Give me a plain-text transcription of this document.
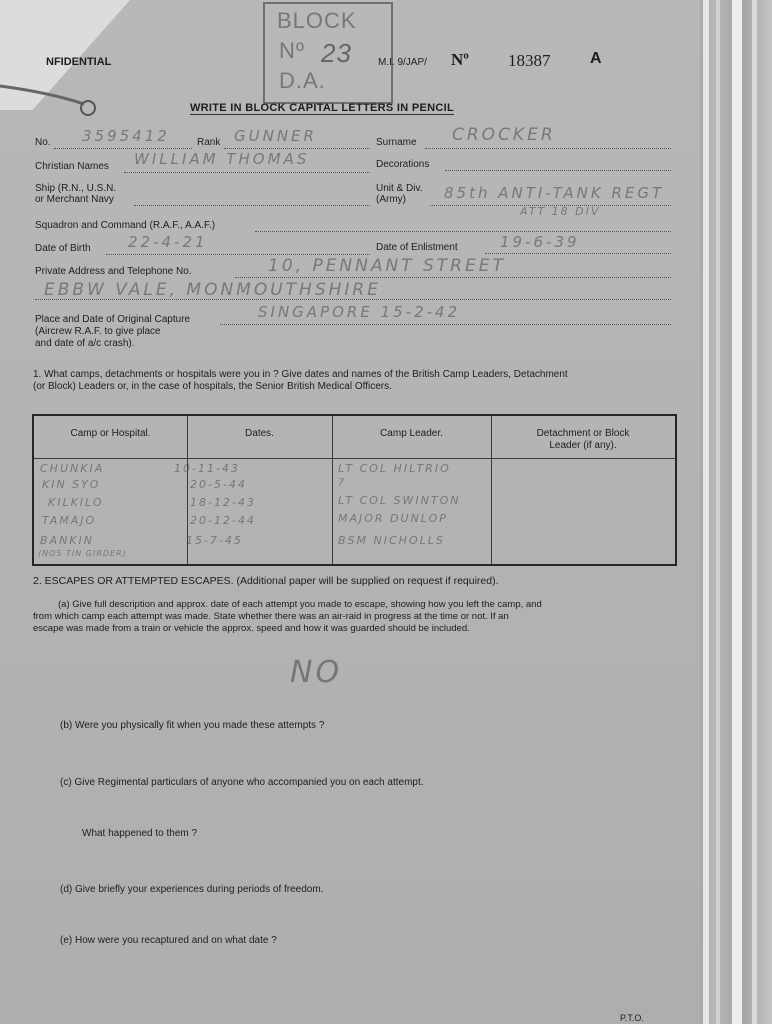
NFIDENTIAL
BLOCK
Nº 23
D.A.
M.I. 9/JAP/ Nº 18387 A
WRITE IN BLOCK CAPITAL LETTERS IN PENCIL
No. 3595412	Rank GUNNER	Surname CROCKER
Christian Names WILLIAM THOMAS	Decorations
Ship (R.N., U.S.N.
or Merchant Navy
Unit & Div.
(Army)	85th ANTI-TANK REGT
ATT 18 DIV
Squadron and Command (R.A.F., A.A.F.)
Date of Birth 22-4-21	Date of Enlistment	19-6-39
Private Address and Telephone No.	10, PENNANT STREET
EBBW VALE, MONMOUTHSHIRE
Place and Date of Original Capture
(Aircrew R.A.F. to give place
and date of a/c crash).
SINGAPORE 15-2-42
1. What camps, detachments or hospitals were you in ? Give dates and names of the British Camp Leaders, Detachment
(or Block) Leaders or, in the case of hospitals, the Senior British Medical Officers.
Camp or Hospital.	Dates.	Camp Leader.	Detachment or Block
Leader (if any).
CHUNKIA	10-11-43	LT COL HILTRIO
KIN SYO	20-5-44	?
KILKILO	18-12-43	LT COL SWINTON
TAMAJO	20-12-44	MAJOR DUNLOP
BANKIN	15-7-45	BSM NICHOLLS
(NOS TIN GIRDER)
2. ESCAPES OR ATTEMPTED ESCAPES. (Additional paper will be supplied on request if required).
(a) Give full description and approx. date of each attempt you made to escape, showing how you left the camp, and
from which camp each attempt was made. State whether there was an air-raid in progress at the time or not. If an
escape was made from a train or vehicle the approx. speed and how it was guarded should be included.
NO
(b) Were you physically fit when you made these attempts ?
(c) Give Regimental particulars of anyone who accompanied you on each attempt.
What happened to them ?
(d) Give briefly your experiences during periods of freedom.
(e) How were you recaptured and on what date ?
P.T.O.
